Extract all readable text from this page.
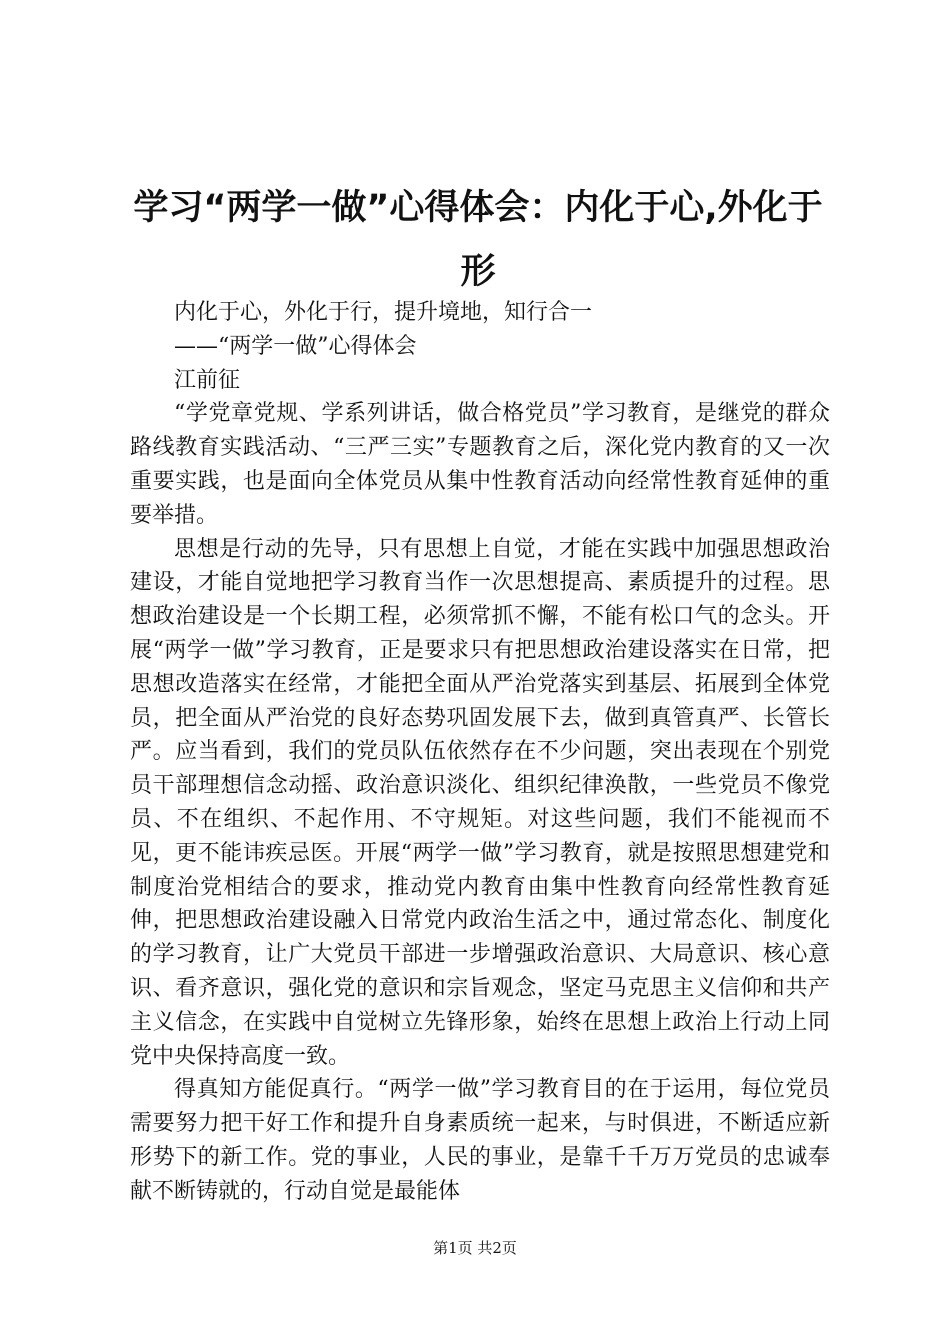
学习“两学一做”心得体会：内化于心,外化于形

内化于心，外化于行，提升境地，知行合一

——“两学一做”心得体会

江前征

“学党章党规、学系列讲话，做合格党员”学习教育，是继党的群众路线教育实践活动、“三严三实”专题教育之后，深化党内教育的又一次重要实践，也是面向全体党员从集中性教育活动向经常性教育延伸的重要举措。

思想是行动的先导，只有思想上自觉，才能在实践中加强思想政治建设，才能自觉地把学习教育当作一次思想提高、素质提升的过程。思想政治建设是一个长期工程，必须常抓不懈，不能有松口气的念头。开展“两学一做”学习教育，正是要求只有把思想政治建设落实在日常，把思想改造落实在经常，才能把全面从严治党落实到基层、拓展到全体党员，把全面从严治党的良好态势巩固发展下去，做到真管真严、长管长严。应当看到，我们的党员队伍依然存在不少问题，突出表现在个别党员干部理想信念动摇、政治意识淡化、组织纪律涣散，一些党员不像党员、不在组织、不起作用、不守规矩。对这些问题，我们不能视而不见，更不能讳疾忌医。开展“两学一做”学习教育，就是按照思想建党和制度治党相结合的要求，推动党内教育由集中性教育向经常性教育延伸，把思想政治建设融入日常党内政治生活之中，通过常态化、制度化的学习教育，让广大党员干部进一步增强政治意识、大局意识、核心意识、看齐意识，强化党的意识和宗旨观念，坚定马克思主义信仰和共产主义信念，在实践中自觉树立先锋形象，始终在思想上政治上行动上同党中央保持高度一致。

得真知方能促真行。“两学一做”学习教育目的在于运用，每位党员需要努力把干好工作和提升自身素质统一起来，与时俱进，不断适应新形势下的新工作。党的事业，人民的事业，是靠千千万万党员的忠诚奉献不断铸就的，行动自觉是最能体

第1页 共2页
